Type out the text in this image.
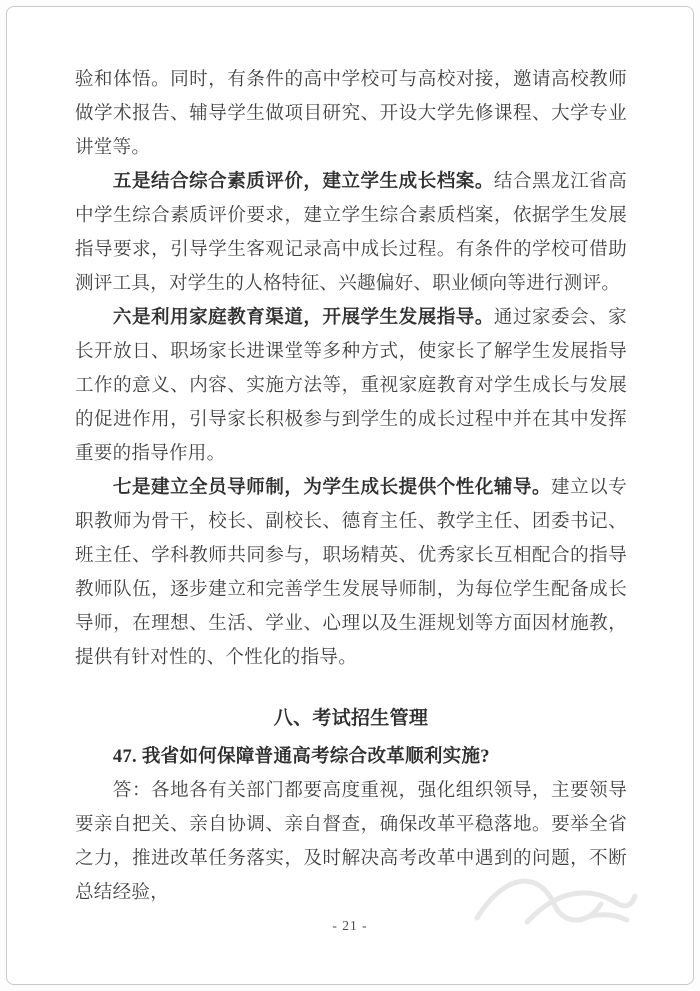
验和体悟。同时，有条件的高中学校可与高校对接，邀请高校教师做学术报告、辅导学生做项目研究、开设大学先修课程、大学专业讲堂等。

五是结合综合素质评价，建立学生成长档案。结合黑龙江省高中学生综合素质评价要求，建立学生综合素质档案，依据学生发展指导要求，引导学生客观记录高中成长过程。有条件的学校可借助测评工具，对学生的人格特征、兴趣偏好、职业倾向等进行测评。

六是利用家庭教育渠道，开展学生发展指导。通过家委会、家长开放日、职场家长进课堂等多种方式，使家长了解学生发展指导工作的意义、内容、实施方法等，重视家庭教育对学生成长与发展的促进作用，引导家长积极参与到学生的成长过程中并在其中发挥重要的指导作用。

七是建立全员导师制，为学生成长提供个性化辅导。建立以专职教师为骨干，校长、副校长、德育主任、教学主任、团委书记、班主任、学科教师共同参与，职场精英、优秀家长互相配合的指导教师队伍，逐步建立和完善学生发展导师制，为每位学生配备成长导师，在理想、生活、学业、心理以及生涯规划等方面因材施教，提供有针对性的、个性化的指导。

八、考试招生管理

47. 我省如何保障普通高考综合改革顺利实施?

答：各地各有关部门都要高度重视，强化组织领导，主要领导要亲自把关、亲自协调、亲自督查，确保改革平稳落地。要举全省之力，推进改革任务落实，及时解决高考改革中遇到的问题，不断总结经验，

- 21 -
